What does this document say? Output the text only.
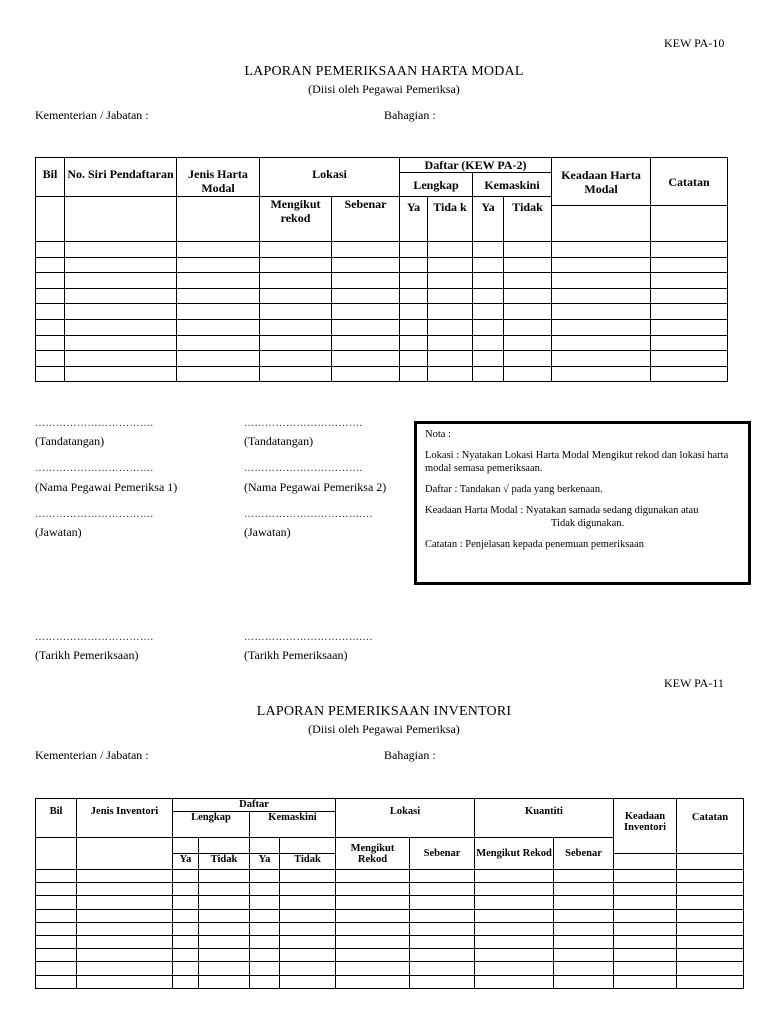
KEW PA-10
LAPORAN PEMERIKSAAN HARTA MODAL
(Diisi oleh Pegawai Pemeriksa)
Kementerian / Jabatan :	Bahagian :
Bil	No. Siri Pendaftaran	Jenis Harta Modal	Lokasi		Daftar (KEW PA-2)				Keadaan Harta Modal	Catatan
					Lengkap		Kemaskini			
			Mengikut rekod	Sebenar	Ya	Tida k	Ya	Tidak		

…………………………….	…………………………….
(Tandatangan)	(Tandatangan)
…………………………….	…………………………….
(Nama Pegawai Pemeriksa 1)	(Nama Pegawai Pemeriksa 2)
…………………………….	…………………………….…
(Jawatan)	(Jawatan)
…………………………….	…………………………….…
(Tarikh Pemeriksaan)	(Tarikh Pemeriksaan)

Nota :

Lokasi : Nyatakan Lokasi Harta Modal Mengikut rekod dan lokasi harta modal semasa pemeriksaan.

Daftar : Tandakan √ pada yang berkenaan.

Keadaan Harta Modal : Nyatakan samada sedang digunakan atau
Tidak digunakan.

Catatan : Penjelasan kepada penemuan pemeriksaan

KEW PA-11
LAPORAN PEMERIKSAAN INVENTORI
(Diisi oleh Pegawai Pemeriksa)
Kementerian / Jabatan :	Bahagian :
Bil	Jenis Inventori	Daftar				Lokasi		Kuantiti		Keadaan Inventori	Catatan
		Lengkap		Kemaskini							
						Mengikut Rekod	Sebenar	Mengikut Rekod	Sebenar		
		Ya	Tidak	Ya	Tidak						
